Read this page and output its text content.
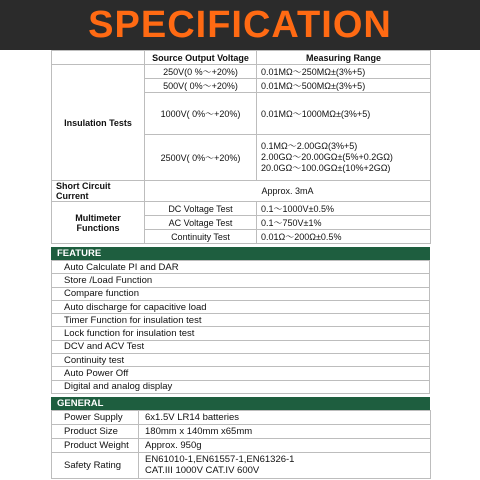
SPECIFICATION
	Source Output Voltage	Measuring Range
Insulation Tests	250V(0 %～+20%)	0.01MΩ～250MΩ±(3%+5)
	500V( 0%～+20%)	0.01MΩ～500MΩ±(3%+5)
	1000V( 0%～+20%)	0.01MΩ～1000MΩ±(3%+5)
	2500V( 0%～+20%)	0.1MΩ～2.00GΩ(3%+5)
2.00GΩ～20.00GΩ±(5%+0.2GΩ)
20.0GΩ～100.0GΩ±(10%+2GΩ)

Short Circuit Current	Approx. 3mA	
Multimeter Functions	DC Voltage Test	0.1～1000V±0.5%
	AC Voltage Test	0.1～750V±1%
	Continuity Test	0.01Ω～200Ω±0.5%
FEATURE
Auto Calculate PI and DAR
Store /Load Function
Compare function
Auto discharge for capacitive load
Timer Function for insulation test
Lock function for insulation test
DCV and ACV Test
Continuity test
Auto Power Off
Digital and analog display
GENERAL
Power Supply	6x1.5V LR14 batteries
Product Size	180mm x 140mm x65mm
Product Weight	Approx. 950g
Safety Rating	EN61010-1,EN61557-1,EN61326-1
CAT.III 1000V CAT.IV 600V
